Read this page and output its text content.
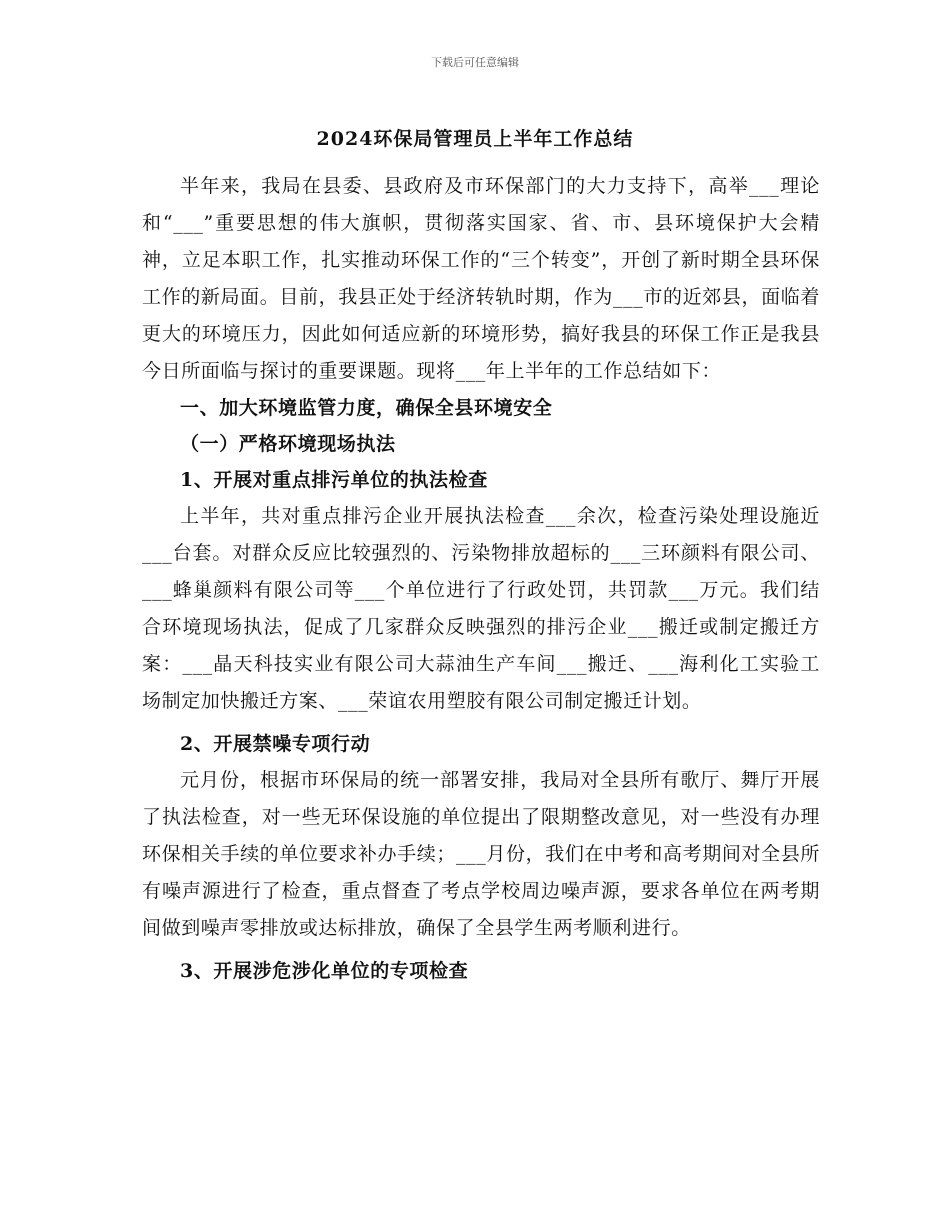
下载后可任意编辑
2024环保局管理员上半年工作总结

半年来，我局在县委、县政府及市环保部门的大力支持下，高举___理论和“___”重要思想的伟大旗帜，贯彻落实国家、省、市、县环境保护大会精神，立足本职工作，扎实推动环保工作的“三个转变”，开创了新时期全县环保工作的新局面。目前，我县正处于经济转轨时期，作为___市的近郊县，面临着更大的环境压力，因此如何适应新的环境形势，搞好我县的环保工作正是我县今日所面临与探讨的重要课题。现将___年上半年的工作总结如下：

一、加大环境监管力度，确保全县环境安全

（一）严格环境现场执法

1、开展对重点排污单位的执法检查

上半年，共对重点排污企业开展执法检查___余次，检查污染处理设施近___台套。对群众反应比较强烈的、污染物排放超标的___三环颜料有限公司、___蜂巢颜料有限公司等___个单位进行了行政处罚，共罚款___万元。我们结合环境现场执法，促成了几家群众反映强烈的排污企业___搬迁或制定搬迁方案：___晶天科技实业有限公司大蒜油生产车间___搬迁、___海利化工实验工场制定加快搬迁方案、___荣谊农用塑胶有限公司制定搬迁计划。

2、开展禁噪专项行动

元月份，根据市环保局的统一部署安排，我局对全县所有歌厅、舞厅开展了执法检查，对一些无环保设施的单位提出了限期整改意见，对一些没有办理环保相关手续的单位要求补办手续；___月份，我们在中考和高考期间对全县所有噪声源进行了检查，重点督查了考点学校周边噪声源，要求各单位在两考期间做到噪声零排放或达标排放，确保了全县学生两考顺利进行。

3、开展涉危涉化单位的专项检查
